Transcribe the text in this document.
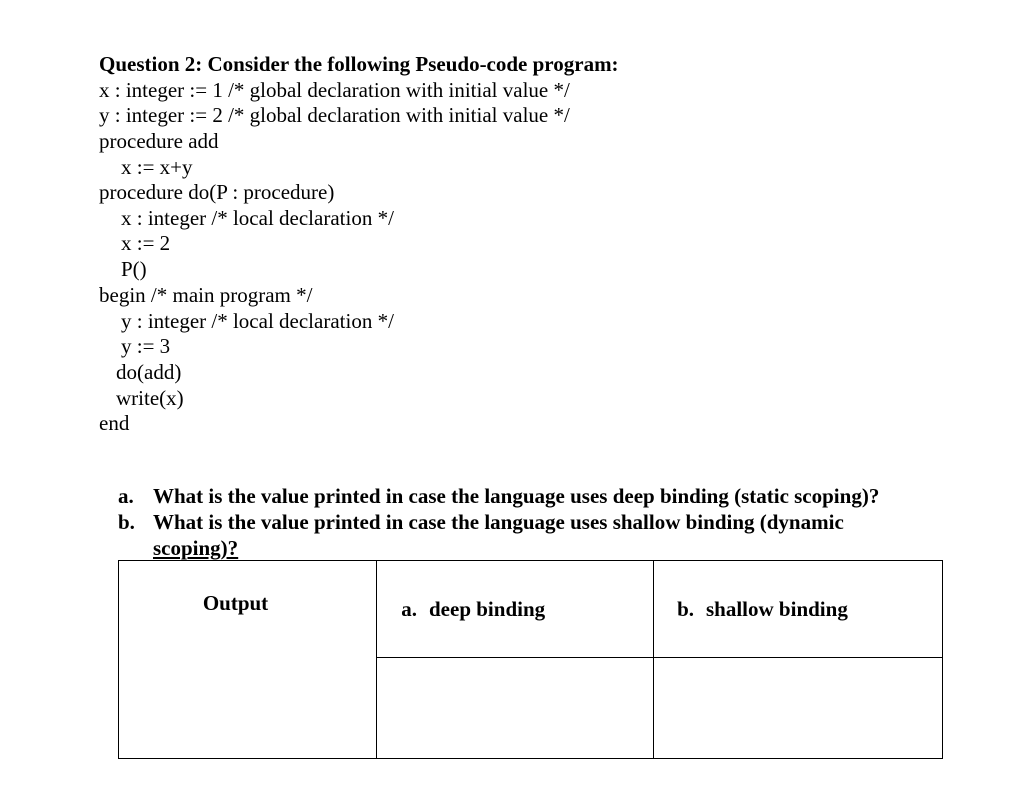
Question 2: Consider the following Pseudo-code program:
x : integer := 1 /* global declaration with initial value */
y : integer := 2 /* global declaration with initial value */
procedure add
x := x+y
procedure do(P : procedure)
x : integer /* local declaration */
x := 2
P()
begin /* main program */
y : integer /* local declaration */
y := 3
do(add)
write(x)
end
a. What is the value printed in case the language uses deep binding (static scoping)?
b. What is the value printed in case the language uses shallow binding (dynamic
scoping)?
Output	a. deep binding	b. shallow binding
